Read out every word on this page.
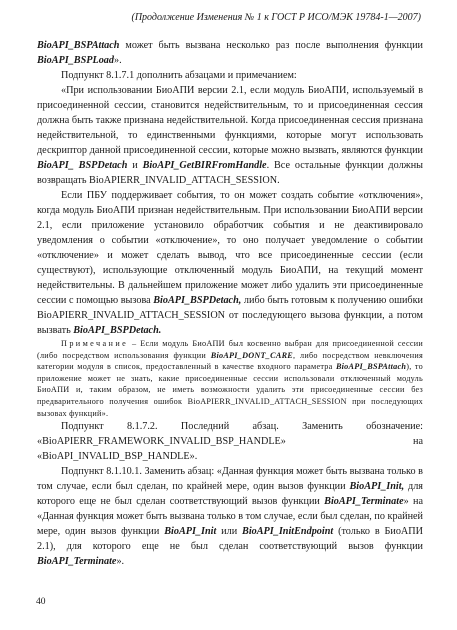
(Продолжение Изменения № 1 к ГОСТ Р ИСО/МЭК 19784-1—2007)

BioAPI_BSPAttach может быть вызвана несколько раз после выполнения функции BioAPI_BSPLoad».

Подпункт 8.1.7.1 дополнить абзацами и примечанием:

«При использовании БиоАПИ версии 2.1, если модуль БиоАПИ, используемый в присоединенной сессии, становится недействительным, то и присоединенная сессия должна быть также признана недействительной. Когда присоединенная сессия признана недействительной, то единственными функциями, которые могут использовать дескриптор данной присоединенной сессии, которые можно вызвать, являются функции BioAPI_ BSPDetach и BioAPI_GetBIRFromHandle. Все остальные функции должны возвращать BioAPIERR_INVALID_ATTACH_SESSION.

Если ПБУ поддерживает события, то он может создать событие «отключения», когда модуль БиоАПИ признан недействительным. При использовании БиоАПИ версии 2.1, если приложение установило обработчик события и не деактивировало уведомления о событии «отключение», то оно получает уведомление о событии «отключение» и может сделать вывод, что все присоединенные сессии (если существуют), использующие отключенный модуль БиоАПИ, на текущий момент недействительны. В дальнейшем приложение может либо удалить эти присоединенные сессии с помощью вызова BioAPI_BSPDetach, либо быть готовым к получению ошибки BioAPIERR_INVALID_ATTACH_SESSION от последующего вызова функции, а потом вызвать BioAPI_BSPDetach.

Примечание – Если модуль БиоАПИ был косвенно выбран для присоединенной сессии (либо посредством использования функции BioAPI_DONT_CARE, либо посредством невключения категории модуля в список, предоставленный в качестве входного параметра BioAPI_BSPAttach), то приложение может не знать, какие присоединенные сессии использовали отключенный модуль БиоАПИ и, таким образом, не иметь возможности удалить эти присоединенные сессии без предварительного получения ошибок BioAPIERR_INVALID_ATTACH_SESSION при последующих вызовах функций».

Подпункт 8.1.7.2. Последний абзац. Заменить обозначение: «BioAPIERR_FRAMEWORK_INVALID_BSP_HANDLE» на «BioAPI_INVALID_BSP_HANDLE».

Подпункт 8.1.10.1. Заменить абзац: «Данная функция может быть вызвана только в том случае, если был сделан, по крайней мере, один вызов функции BioAPI_Init, для которого еще не был сделан соответствующий вызов функции BioAPI_Terminate» на «Данная функция может быть вызвана только в том случае, если был сделан, по крайней мере, один вызов функции BioAPI_Init или BioAPI_InitEndpoint (только в БиоАПИ 2.1), для которого еще не был сделан соответствующий вызов функции BioAPI_Terminate».

40
